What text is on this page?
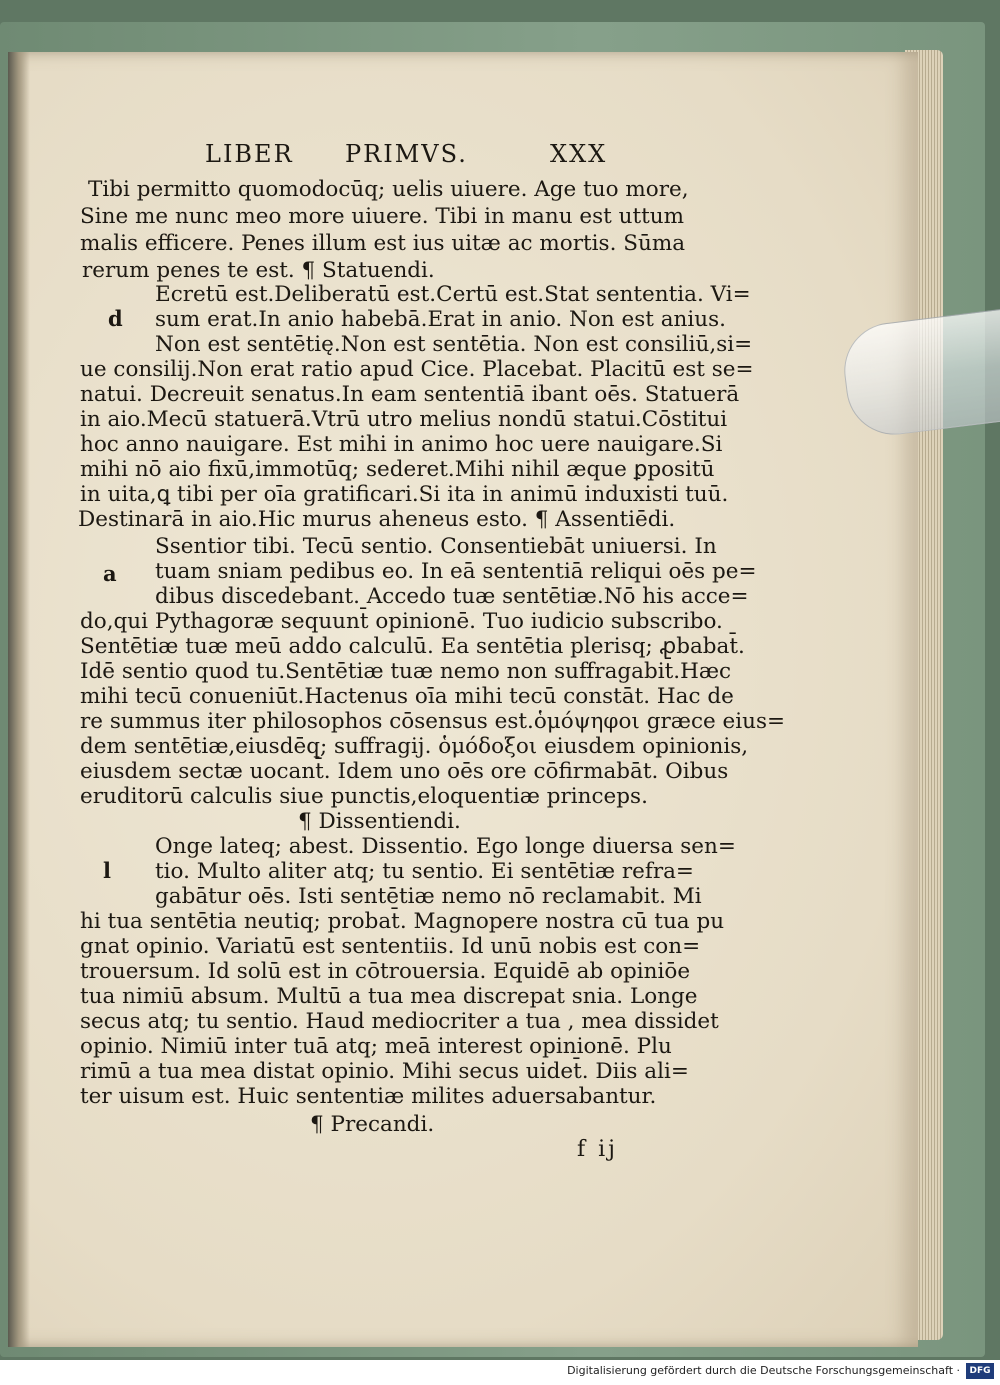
LIBER PRIMVS.	XXX
d
a
l
Tibi permitto quomodocūq; uelis uiuere. Age tuo more,
Sine me nunc meo more uiuere. Tibi in manu est uttum
malis efficere. Penes illum est ius uitæ ac mortis. Sūma
rerum penes te est. ¶ Statuendi.
Ecretū est.Deliberatū est.Certū est.Stat sententia. Vi=
sum erat.In anio habebā.Erat in anio. Non est anius.
Non est sentētię.Non est sentētia. Non est consiliū,si=
ue consilij.Non erat ratio apud Cice. Placebat. Placitū est se=
natui. Decreuit senatus.In eam sententiā ibant oēs. Statuerā
in aio.Mecū statuerā.Vtrū utro melius nondū statui.Cōstitui
hoc anno nauigare. Est mihi in animo hoc uere nauigare.Si
mihi nō aio fixū,immotūq; sederet.Mihi nihil æque ꝑpositū
in uita,ꝗ tibi per oīa gratificari.Si ita in animū induxisti tuū.
Destinarā in aio.Hic murus aheneus esto. ¶ Assentiēdi.
Ssentior tibi. Tecū sentio. Consentiebāt uniuersi. In
tuam sniam pedibus eo. In eā sententiā reliqui oēs pe=
dibus discedebant. Accedo tuæ sentētiæ.Nō his acce=
do,qui Pythagoræ sequunt̄ opinionē. Tuo iudicio subscribo.
Sentētiæ tuæ meū addo calculū. Ea sentētia plerisq; ꝓbabat̄.
Idē sentio quod tu.Sentētiæ tuæ nemo non suffragabit̄.Hæc
mihi tecū conueniūt.Hactenus oīa mihi tecū constāt. Hac de
re summus iter philosophos cōsensus est.ὁμόψηφοι græce eius=
dem sentētiæ,eiusdēq; suffragij. ὁμόδοξοι eiusdem opinionis,
eiusdem sectæ uocant̄. Idem uno oēs ore cōfirmabāt. Oibus
eruditorū calculis siue punctis,eloquentiæ princeps.
¶ Dissentiendi.
Onge lateq; abest. Dissentio. Ego longe diuersa sen=
tio. Multo aliter atq; tu sentio. Ei sentētiæ refra=
gabātur oēs. Isti sentētiæ nemo nō reclamabit. Mi
hi tua sentētia neutiq; probat̄. Magnopere nostra cū tua pu
gnat opinio. Variatū est sententiis. Id unū nobis est con=
trouersum. Id solū est in cōtrouersia. Equidē ab opiniōe
tua nimiū absum. Multū a tua mea discrepat snia. Longe
secus atq; tu sentio. Haud mediocriter a tua , mea dissidet
opinio. Nimiū inter tuā atq; meā interest opinionē. Plu
rimū a tua mea distat opinio. Mihi secus uidet̄. Diis ali=
ter uisum est. Huic sententiæ milites aduersabantur.
¶ Precandi.
f ij
Digitalisierung gefördert durch die Deutsche Forschungsgemeinschaft ·	DFG
